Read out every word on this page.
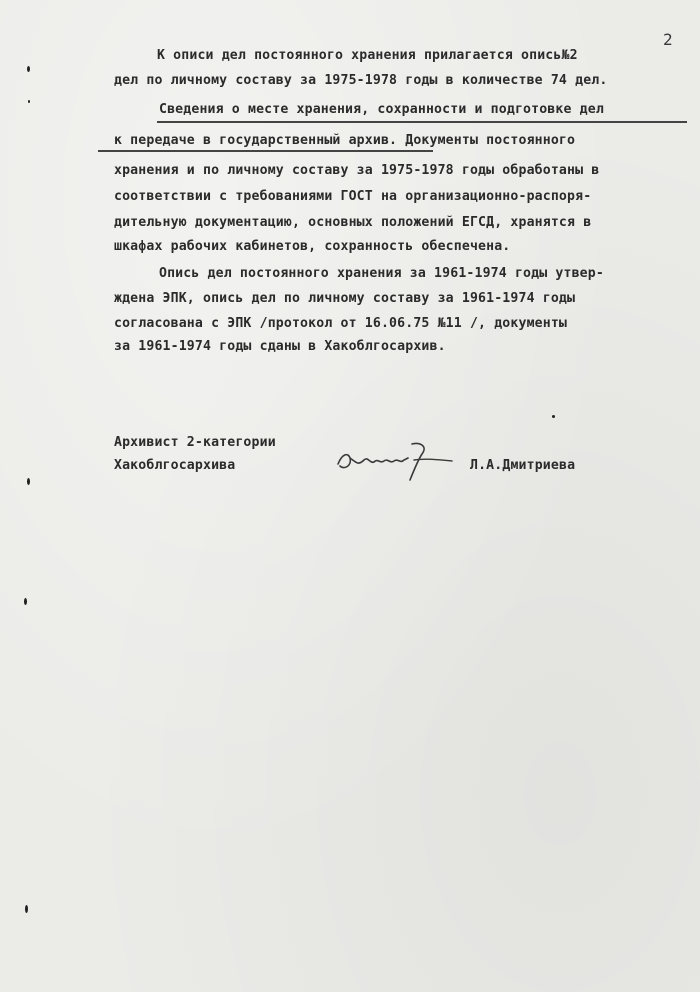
2
К описи дел постоянного хранения прилагается опись№2
дел по личному составу за 1975-1978 годы в количестве 74 дел.
Сведения о месте хранения, сохранности и подготовке дел
к передаче в государственный архив. Документы постоянного
хранения и по личному составу за 1975-1978 годы обработаны в
соответствии с требованиями ГОСТ на организационно-распоря-
дительную документацию, основных положений ЕГСД, хранятся в
шкафах рабочих кабинетов, сохранность обеспечена.
Опись дел постоянного хранения за 1961-1974 годы утвер-
ждена ЭПК, опись дел по личному составу за 1961-1974 годы
согласована с ЭПК /протокол от 16.06.75 №11 /, документы
за 1961-1974 годы сданы в Хакоблгосархив.
Архивист 2-категории
Хакоблгосархива	Л.А.Дмитриева
